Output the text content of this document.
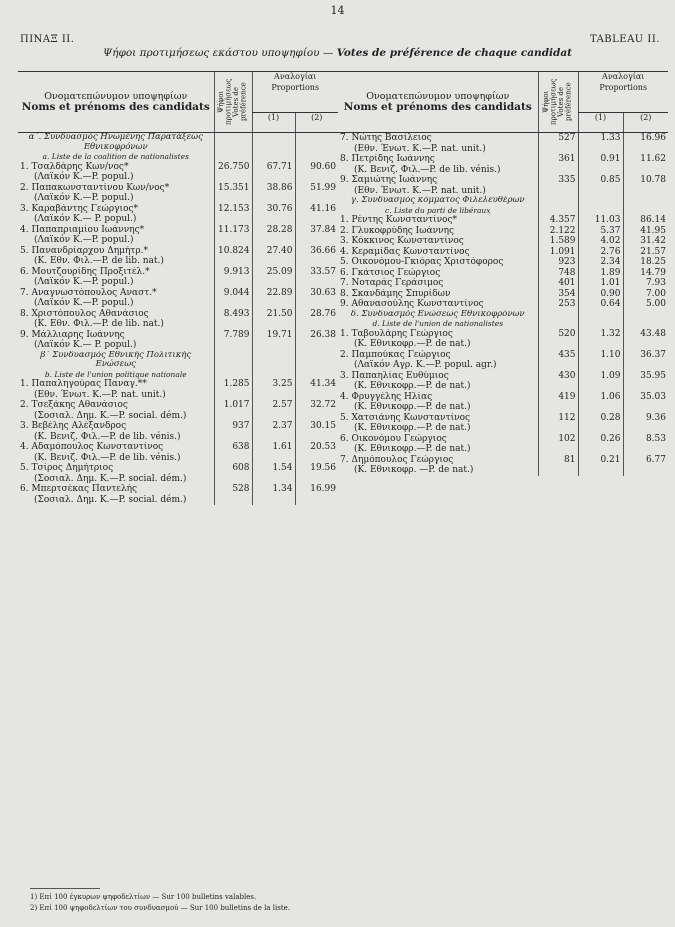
14
ΠΙΝΑΞ II.	TABLEAU II.
Ψήφοι προτιμήσεως εκάστου υποψηφίου — Votes de préférence de chaque candidat
Ονοματεπώνυμον υποψηφίων
Noms et prénoms des candidats	Ψήφοι προτιμήσεως Votes de préférence	Αναλογίαι Proportions	
		(1)	(2)

α΄. Συνδυασμός Ηνωμένης Παρατάξεως Εθνικοφρόνων
a. Liste de la coalition de nationalistes			

1. Τσαλδάρης Κων/νος*
(Λαϊκόν K.—P. popul.)	26.750	67.71	90.60
2. Παπακωνσταντίνου Κων/νος*
(Λαϊκόν K.—P. popul.)	15.351	38.86	51.99
3. Καραβάντης Γεώργιος*
(Λαϊκόν K.— P. popul.)	12.153	30.76	41.16
4. Παπαπριαμίου Ιωάννης*
(Λαϊκόν K.—P. popul.)	11.173	28.28	37.84
5. Πανανδρίαρχου Δημήτρ.*
(K. Εθν. Φιλ.—P. de lib. nat.)	10.824	27.40	36.66
6. Μουτζουρίδης Προξιτέλ.*
(Λαϊκόν K.—P. popul.)	9.913	25.09	33.57
7. Αναγνωστόπουλος Αναστ.*
(Λαϊκόν K.—P. popul.)	9.044	22.89	30.63
8. Χριστόπουλος Αθανάσιος
(K. Εθν. Φιλ.—P. de lib. nat.)	8.493	21.50	28.76
9. Μάλλιαρης Ιωάννης
(Λαϊκόν K.— P. popul.)	7.789	19.71	26.38

β΄ Συνδυασμός Εθνικής Πολιτικής Ενώσεως
b. Liste de l'union politique nationale			

1. Παπαληγούρας Παναγ.**
(Εθν. Ένωτ. K.—P. nat. unit.)	1.285	3.25	41.34
2. Τσεξάκης Αθανάσιος
(Σοσιαλ. Δημ. K.—P. social. dém.)	1.017	2.57	32.72
3. Βεβέλης Αλέξανδρος
(K. Βενιζ. Φιλ.—P. de lib. vénis.)	937	2.37	30.15
4. Αδαμόπουλος Κωνσταντίνος
(K. Βενιζ. Φιλ.—P. de lib. vénis.)	638	1.61	20.53
5. Τσίρος Δημήτριος
(Σοσιαλ. Δημ. K.—P. social. dém.)	608	1.54	19.56
6. Μπερτσέκας Παντελής
(Σοσιαλ. Δημ. K.—P. social. dém.)	528	1.34	16.99
Ονοματεπώνυμον υποψηφίων
Noms et prénoms des candidats	Ψήφοι προτιμήσεως Votes de préférence	Αναλογίαι Proportions	
		(1)	(2)
7. Νώτης Βασίλειος
(Εθν. Ένωτ. K.—P. nat. unit.)	527	1.33	16.96
8. Πετρίδης Ιωάννης
(K. Βενιζ. Φιλ.—P. de lib. vénis.)	361	0.91	11.62
9. Σαμιώτης Ιωάννης
(Εθν. Ένωτ. K.—P. nat. unit.)	335	0.85	10.78

γ. Συνδυασμός κόμματος Φιλελευθέρων
c. Liste du parti de libéraux			

1. Ρέντης Κωνσταντίνος*	4.357	11.03	86.14
2. Γλυκοφρύδης Ιωάννης	2.122	5.37	41.95
3. Κόκκινος Κωνσταντίνος	1.589	4.02	31.42
4. Κεραμίδας Κωνσταντίνος	1.091	2.76	21.57
5. Οικονόμου-Γκιόρας Χριστόφορος	923	2.34	18.25
6. Γκάτσιος Γεώργιος	748	1.89	14.79
7. Νοταράς Γεράσιμος	401	1.01	7.93
8. Σκανδάμης Σπυρίδων	354	0.90	7.00
9. Αθανασούλης Κωνσταντίνος	253	0.64	5.00

δ. Συνδυασμός Ενώσεως Εθνικοφρόνων
d. Liste de l'union de nationalistes			

1. Ταβουλάρης Γεώργιος
(K. Εθνικοφρ.—P. de nat.)	520	1.32	43.48
2. Παμπούκας Γεώργιος
(Λαϊκόν Αγρ. K.—P. popul. agr.)	435	1.10	36.37
3. Παπαηλίας Ευθύμιος
(K. Εθνικοφρ.—P. de nat.)	430	1.09	35.95
4. Φρυγγέλης Ηλίας
(K. Εθνικοφρ.—P. de nat.)	419	1.06	35.03
5. Χατσιάνης Κωνσταντίνος
(K. Εθνικοφρ.—P. de nat.)	112	0.28	9.36
6. Οικονόμου Γεώργιος
(K. Εθνικοφρ.—P. de nat.)	102	0.26	8.53
7. Δημόπουλος Γεώργιος
(K. Εθνικοφρ. —P. de nat.)	81	0.21	6.77
1) Επί 100 έγκυρων ψηφοδελτίων — Sur 100 bulletins valables.
2) Επί 100 ψηφοδελτίων του συνδυασμού — Sur 100 bulletins de la liste.
